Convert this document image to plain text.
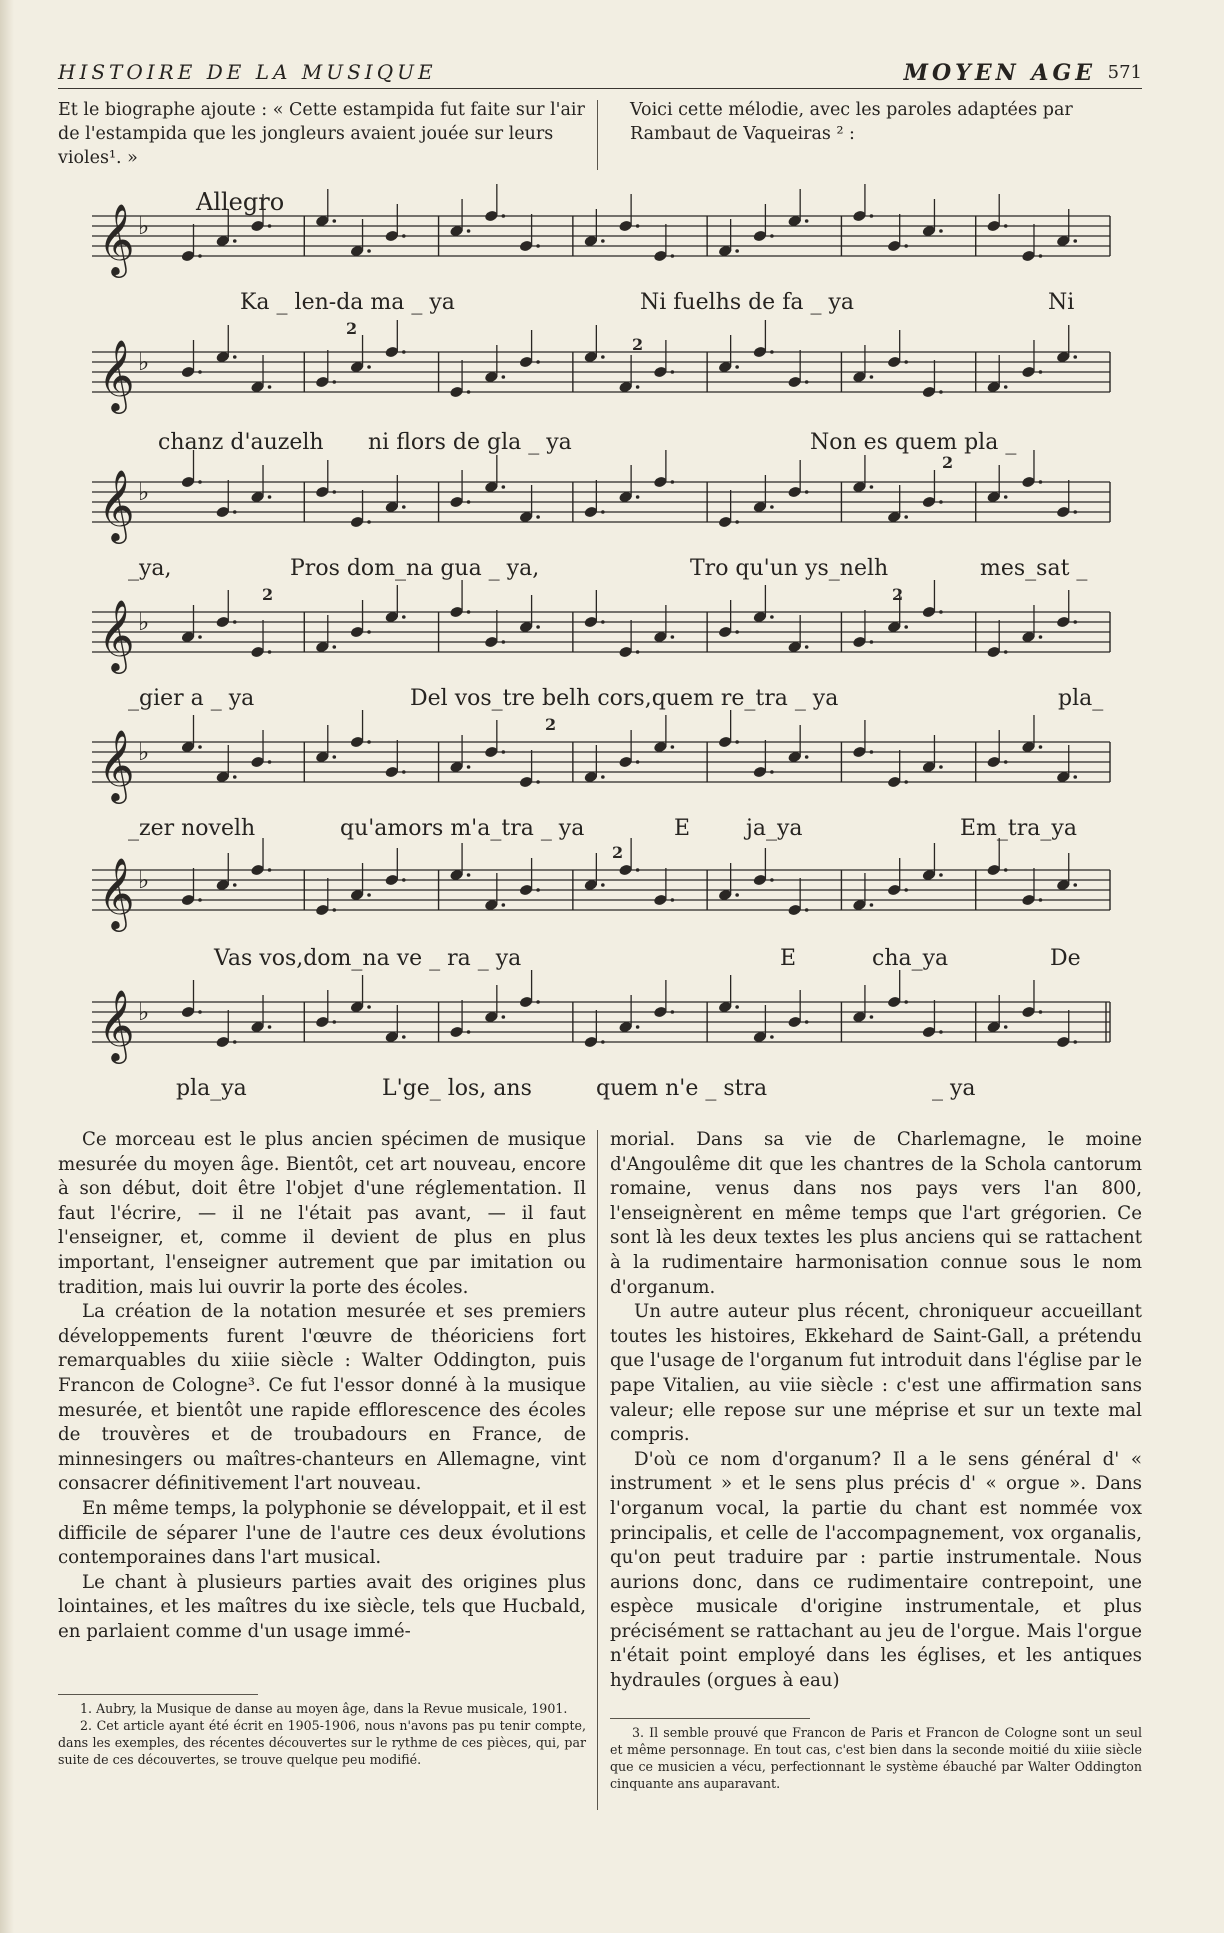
HISTOIRE DE LA MUSIQUE	MOYEN AGE 571
Et le biographe ajoute : « Cette estampida fut faite sur l'air de l'estampida que les jongleurs avaient jouée sur leurs violes¹. »
Voici cette mélodie, avec les paroles adaptées par Rambaut de Vaqueiras ² :
Allegro
𝄞 ♭
𝄞 ♭
𝄞 ♭
𝄞 ♭
𝄞 ♭
𝄞 ♭
𝄞 ♭
2
2
2
2	2
2
2
Ka _ len-da ma _ ya	Ni fuelhs de fa _ ya	Ni
chanz d'auzelh ni flors de gla _ ya	Non es quem pla _
_ya,	Pros dom_na gua _ ya,	Tro qu'un ys_nelh	mes_sat _
_gier a _ ya	Del vos_tre belh cors,quem re_tra _ ya	pla_
_zer novelh	qu'amors m'a_tra _ ya	E	ja_ya	Em_tra_ya
Vas vos,dom_na ve _ ra _ ya	E	cha_ya	De
pla_ya	L'ge_ los, ans	quem n'e _ stra	_ ya

Ce morceau est le plus ancien spécimen de musique mesurée du moyen âge. Bientôt, cet art nouveau, encore à son début, doit être l'objet d'une réglementation. Il faut l'écrire, — il ne l'était pas avant, — il faut l'enseigner, et, comme il devient de plus en plus important, l'enseigner autrement que par imitation ou tradition, mais lui ouvrir la porte des écoles.

La création de la notation mesurée et ses premiers développements furent l'œuvre de théoriciens fort remarquables du xiiie siècle : Walter Oddington, puis Francon de Cologne³. Ce fut l'essor donné à la musique mesurée, et bientôt une rapide efflorescence des écoles de trouvères et de troubadours en France, de minnesingers ou maîtres-chanteurs en Allemagne, vint consacrer définitivement l'art nouveau.

En même temps, la polyphonie se développait, et il est difficile de séparer l'une de l'autre ces deux évolutions contemporaines dans l'art musical.

Le chant à plusieurs parties avait des origines plus lointaines, et les maîtres du ixe siècle, tels que Hucbald, en parlaient comme d'un usage immé-

morial. Dans sa vie de Charlemagne, le moine d'Angoulême dit que les chantres de la Schola cantorum romaine, venus dans nos pays vers l'an 800, l'enseignèrent en même temps que l'art grégorien. Ce sont là les deux textes les plus anciens qui se rattachent à la rudimentaire harmonisation connue sous le nom d'organum.

Un autre auteur plus récent, chroniqueur accueillant toutes les histoires, Ekkehard de Saint-Gall, a prétendu que l'usage de l'organum fut introduit dans l'église par le pape Vitalien, au viie siècle : c'est une affirmation sans valeur; elle repose sur une méprise et sur un texte mal compris.

D'où ce nom d'organum? Il a le sens général d' « instrument » et le sens plus précis d' « orgue ». Dans l'organum vocal, la partie du chant est nommée vox principalis, et celle de l'accompagnement, vox organalis, qu'on peut traduire par : partie instrumentale. Nous aurions donc, dans ce rudimentaire contrepoint, une espèce musicale d'origine instrumentale, et plus précisément se rattachant au jeu de l'orgue. Mais l'orgue n'était point employé dans les églises, et les antiques hydraules (orgues à eau)

1. Aubry, la Musique de danse au moyen âge, dans la Revue musicale, 1901.

2. Cet article ayant été écrit en 1905-1906, nous n'avons pas pu tenir compte, dans les exemples, des récentes découvertes sur le rythme de ces pièces, qui, par suite de ces découvertes, se trouve quelque peu modifié.

3. Il semble prouvé que Francon de Paris et Francon de Cologne sont un seul et même personnage. En tout cas, c'est bien dans la seconde moitié du xiiie siècle que ce musicien a vécu, perfectionnant le système ébauché par Walter Oddington cinquante ans auparavant.
